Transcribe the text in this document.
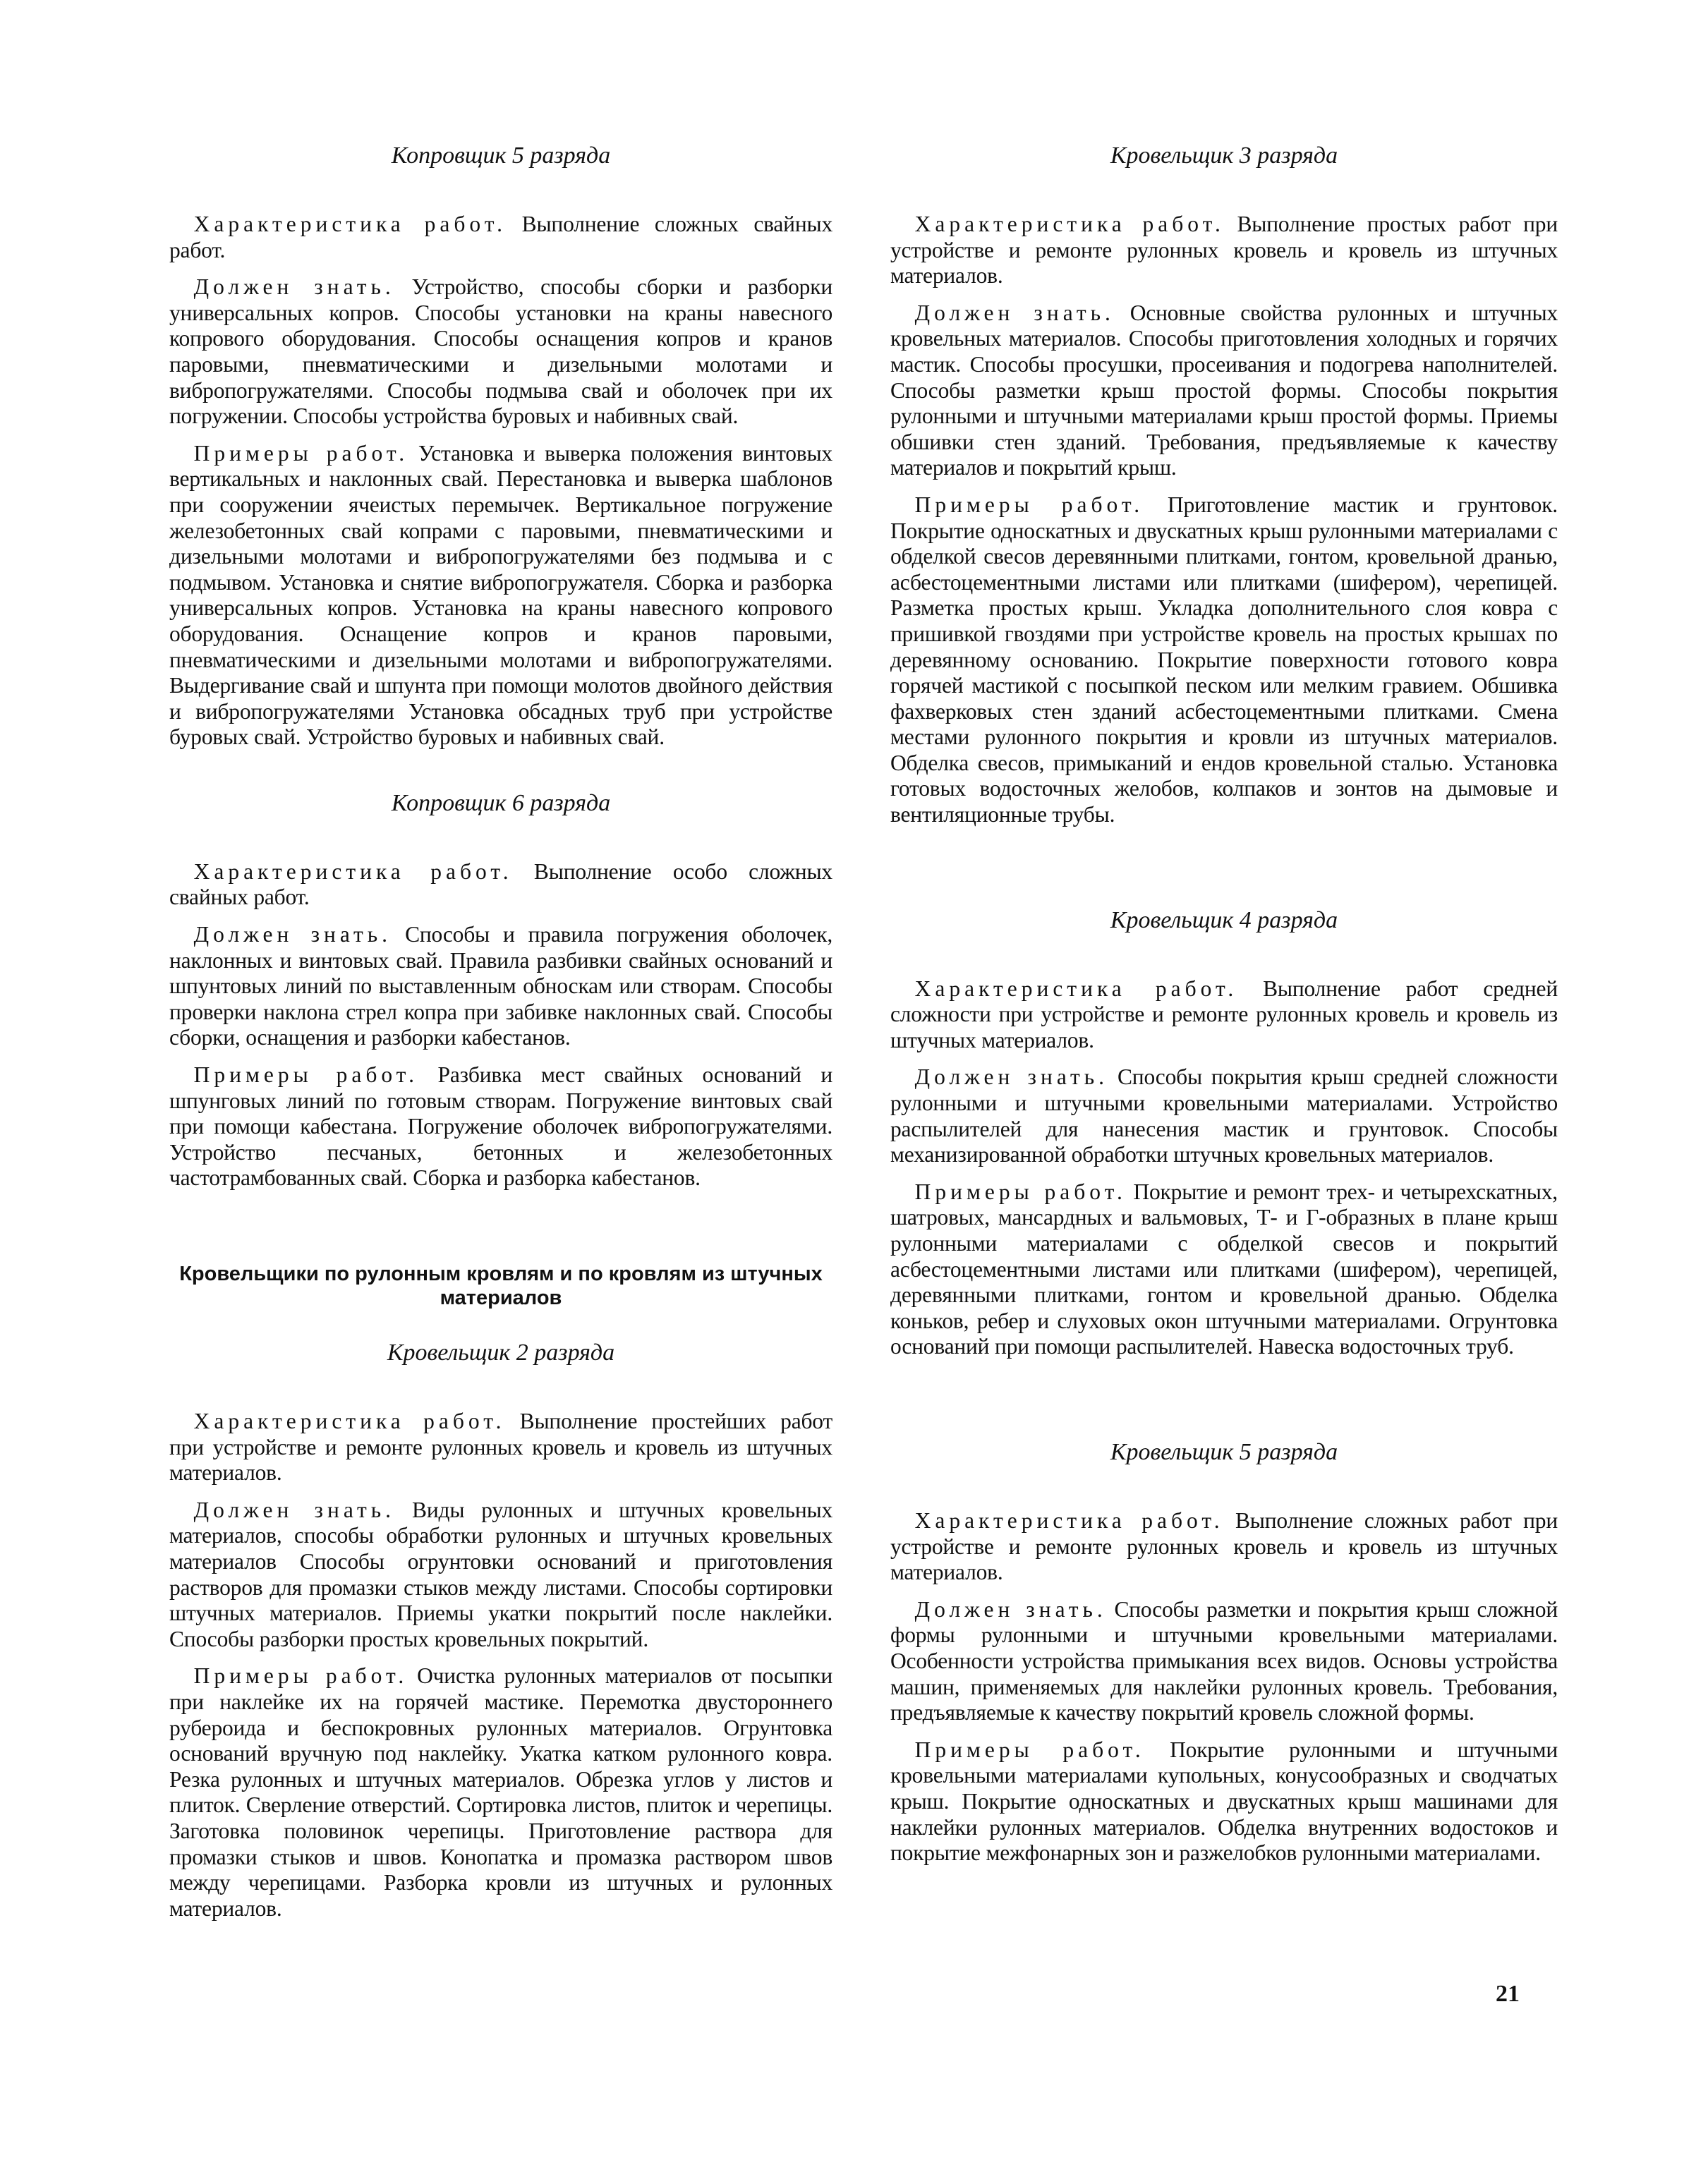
Копровщик 5 разряда

Характеристика работ. Выполнение сложных свайных работ.

Должен знать. Устройство, способы сборки и разборки универсальных копров. Способы установки на краны навесного копрового оборудования. Способы оснащения копров и кранов паровыми, пневматическими и дизельными молотами и вибропогружателями. Способы подмыва свай и оболочек при их погружении. Способы устройства буровых и набивных свай.

Примеры работ. Установка и выверка положения винтовых вертикальных и наклонных свай. Перестановка и выверка шаблонов при сооружении ячеистых перемычек. Вертикальное погружение железобетонных свай копрами с паровыми, пневматическими и дизельными молотами и вибропогружателями без подмыва и с подмывом. Установка и снятие вибропогружателя. Сборка и разборка универсальных копров. Установка на краны навесного копрового оборудования. Оснащение копров и кранов паровыми, пневматическими и дизельными молотами и вибропогружателями. Выдергивание свай и шпунта при помощи молотов двойного действия и вибропогружателями Установка обсадных труб при устройстве буровых свай. Устройство буровых и набивных свай.

Копровщик 6 разряда

Характеристика работ. Выполнение особо сложных свайных работ.

Должен знать. Способы и правила погружения оболочек, наклонных и винтовых свай. Правила разбивки свайных оснований и шпунтовых линий по выставленным обноскам или створам. Способы проверки наклона стрел копра при забивке наклонных свай. Способы сборки, оснащения и разборки кабестанов.

Примеры работ. Разбивка мест свайных оснований и шпунговых линий по готовым створам. Погружение винтовых свай при помощи кабестана. Погружение оболочек вибропогружателями. Устройство песчаных, бетонных и железобетонных частотрамбованных свай. Сборка и разборка кабестанов.

Кровельщики по рулонным кровлям и по кровлям из штучных материалов
Кровельщик 2 разряда

Характеристика работ. Выполнение простейших работ при устройстве и ремонте рулонных кровель и кровель из штучных материалов.

Должен знать. Виды рулонных и штучных кровельных материалов, способы обработки рулонных и штучных кровельных материалов Способы огрунтовки оснований и приготовления растворов для промазки стыков между листами. Способы сортировки штучных материалов. Приемы укатки покрытий после наклейки. Способы разборки простых кровельных покрытий.

Примеры работ. Очистка рулонных материалов от посыпки при наклейке их на горячей мастике. Перемотка двустороннего рубероида и беспокровных рулонных материалов. Огрунтовка оснований вручную под наклейку. Укатка катком рулонного ковра. Резка рулонных и штучных материалов. Обрезка углов у листов и плиток. Сверление отверстий. Сортировка листов, плиток и черепицы. Заготовка половинок черепицы. Приготовление раствора для промазки стыков и швов. Конопатка и промазка раствором швов между черепицами. Разборка кровли из штучных и рулонных материалов.

Кровельщик 3 разряда

Характеристика работ. Выполнение простых работ при устройстве и ремонте рулонных кровель и кровель из штучных материалов.

Должен знать. Основные свойства рулонных и штучных кровельных материалов. Способы приготовления холодных и горячих мастик. Способы просушки, просеивания и подогрева наполнителей. Способы разметки крыш простой формы. Способы покрытия рулонными и штучными материалами крыш простой формы. Приемы обшивки стен зданий. Требования, предъявляемые к качеству материалов и покрытий крыш.

Примеры работ. Приготовление мастик и грунтовок. Покрытие односкатных и двускатных крыш рулонными материалами с обделкой свесов деревянными плитками, гонтом, кровельной дранью, асбестоцементными листами или плитками (шифером), черепицей. Разметка простых крыш. Укладка дополнительного слоя ковра с пришивкой гвоздями при устройстве кровель на простых крышах по деревянному основанию. Покрытие поверхности готового ковра горячей мастикой с посыпкой песком или мелким гравием. Обшивка фахверковых стен зданий асбестоцементными плитками. Смена местами рулонного покрытия и кровли из штучных материалов. Обделка свесов, примыканий и ендов кровельной сталью. Установка готовых водосточных желобов, колпаков и зонтов на дымовые и вентиляционные трубы.

Кровельщик 4 разряда

Характеристика работ. Выполнение работ средней сложности при устройстве и ремонте рулонных кровель и кровель из штучных материалов.

Должен знать. Способы покрытия крыш средней сложности рулонными и штучными кровельными материалами. Устройство распылителей для нанесения мастик и грунтовок. Способы механизированной обработки штучных кровельных материалов.

Примеры работ. Покрытие и ремонт трех- и четырехскатных, шатровых, мансардных и вальмовых, Т- и Г-образных в плане крыш рулонными материалами с обделкой свесов и покрытий асбестоцементными листами или плитками (шифером), черепицей, деревянными плитками, гонтом и кровельной дранью. Обделка коньков, ребер и слуховых окон штучными материалами. Огрунтовка оснований при помощи распылителей. Навеска водосточных труб.

Кровельщик 5 разряда

Характеристика работ. Выполнение сложных работ при устройстве и ремонте рулонных кровель и кровель из штучных материалов.

Должен знать. Способы разметки и покрытия крыш сложной формы рулонными и штучными кровельными материалами. Особенности устройства примыкания всех видов. Основы устройства машин, применяемых для наклейки рулонных кровель. Требования, предъявляемые к качеству покрытий кровель сложной формы.

Примеры работ. Покрытие рулонными и штучными кровельными материалами купольных, конусообразных и сводчатых крыш. Покрытие односкатных и двускатных крыш машинами для наклейки рулонных материалов. Обделка внутренних водостоков и покрытие межфонарных зон и разжелобков рулонными материалами.

21
